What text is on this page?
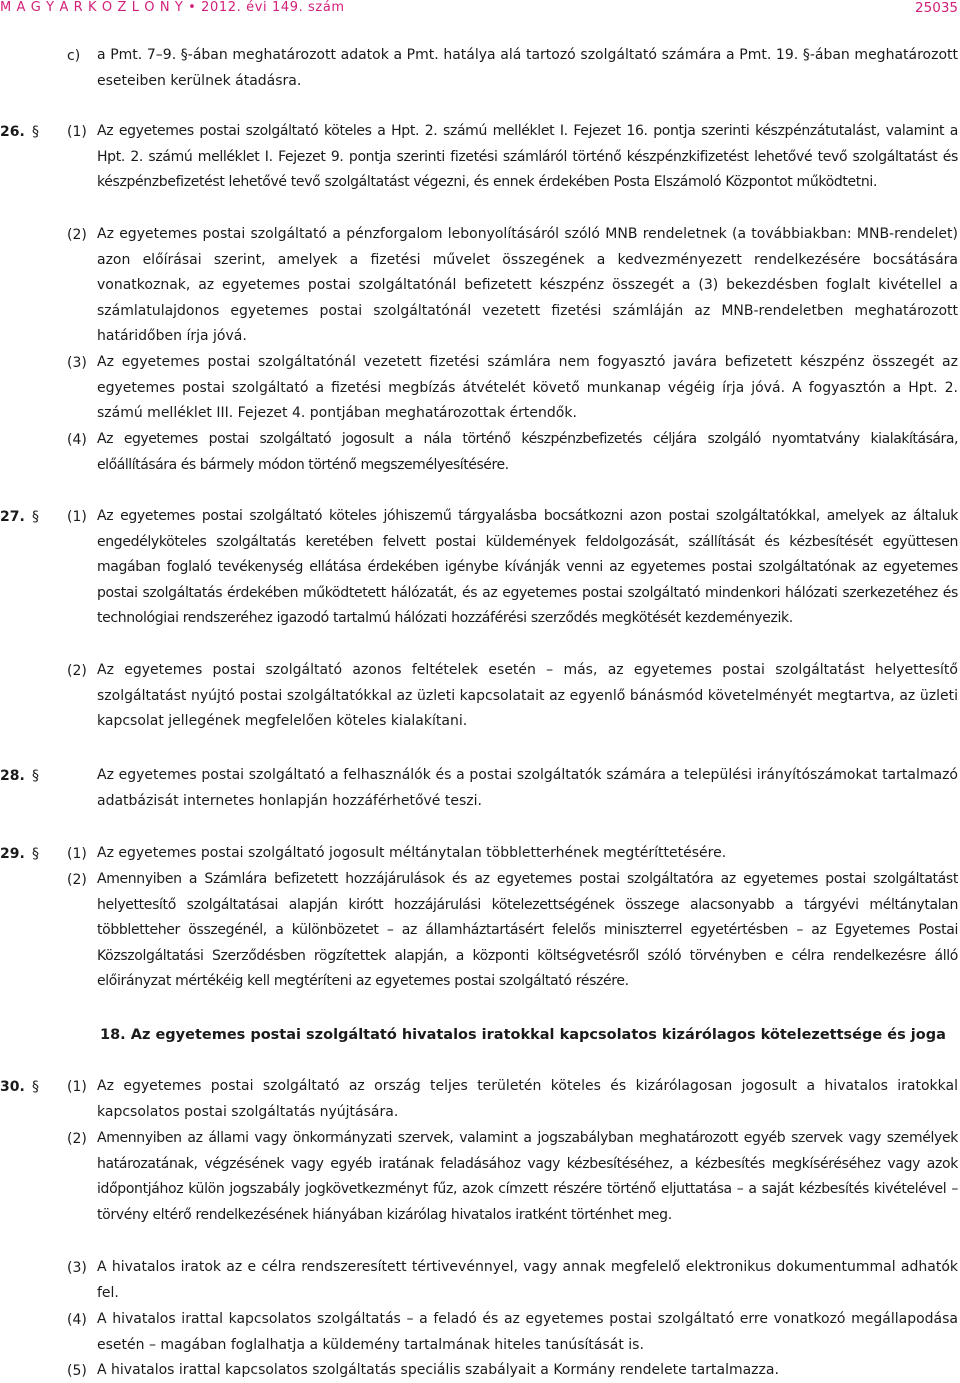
M A G Y A R K Ö Z L Ö N Y • 2012. évi 149. szám	25035
c) a Pmt. 7–9. §-ában meghatározott adatok a Pmt. hatálya alá tartozó szolgáltató számára a Pmt. 19. §-ában meghatározott eseteiben kerülnek átadásra.
26. § (1) Az egyetemes postai szolgáltató köteles a Hpt. 2. számú melléklet I. Fejezet 16. pontja szerinti készpénzátutalást, valamint a Hpt. 2. számú melléklet I. Fejezet 9. pontja szerinti fizetési számláról történő készpénzkifizetést lehetővé tevő szolgáltatást és készpénzbefizetést lehetővé tevő szolgáltatást végezni, és ennek érdekében Posta Elszámoló Központot működtetni.
(2) Az egyetemes postai szolgáltató a pénzforgalom lebonyolításáról szóló MNB rendeletnek (a továbbiakban: MNB-rendelet) azon előírásai szerint, amelyek a fizetési művelet összegének a kedvezményezett rendelkezésére bocsátására vonatkoznak, az egyetemes postai szolgáltatónál befizetett készpénz összegét a (3) bekezdésben foglalt kivétellel a számlatulajdonos egyetemes postai szolgáltatónál vezetett fizetési számláján az MNB-rendeletben meghatározott határidőben írja jóvá.
(3) Az egyetemes postai szolgáltatónál vezetett fizetési számlára nem fogyasztó javára befizetett készpénz összegét az egyetemes postai szolgáltató a fizetési megbízás átvételét követő munkanap végéig írja jóvá. A fogyasztón a Hpt. 2. számú melléklet III. Fejezet 4. pontjában meghatározottak értendők.
(4) Az egyetemes postai szolgáltató jogosult a nála történő készpénzbefizetés céljára szolgáló nyomtatvány kialakítására, előállítására és bármely módon történő megszemélyesítésére.
27. § (1) Az egyetemes postai szolgáltató köteles jóhiszemű tárgyalásba bocsátkozni azon postai szolgáltatókkal, amelyek az általuk engedélyköteles szolgáltatás keretében felvett postai küldemények feldolgozását, szállítását és kézbesítését együttesen magában foglaló tevékenység ellátása érdekében igénybe kívánják venni az egyetemes postai szolgáltatónak az egyetemes postai szolgáltatás érdekében működtetett hálózatát, és az egyetemes postai szolgáltató mindenkori hálózati szerkezetéhez és technológiai rendszeréhez igazodó tartalmú hálózati hozzáférési szerződés megkötését kezdeményezik.
(2) Az egyetemes postai szolgáltató azonos feltételek esetén – más, az egyetemes postai szolgáltatást helyettesítő szolgáltatást nyújtó postai szolgáltatókkal az üzleti kapcsolatait az egyenlő bánásmód követelményét megtartva, az üzleti kapcsolat jellegének megfelelően köteles kialakítani.
28. §	Az egyetemes postai szolgáltató a felhasználók és a postai szolgáltatók számára a települési irányítószámokat tartalmazó adatbázisát internetes honlapján hozzáférhetővé teszi.
29. § (1) Az egyetemes postai szolgáltató jogosult méltánytalan többletterhének megtéríttetésére.
(2) Amennyiben a Számlára befizetett hozzájárulások és az egyetemes postai szolgáltatóra az egyetemes postai szolgáltatást helyettesítő szolgáltatásai alapján kirótt hozzájárulási kötelezettségének összege alacsonyabb a tárgyévi méltánytalan többletteher összegénél, a különbözetet – az államháztartásért felelős miniszterrel egyetértésben – az Egyetemes Postai Közszolgáltatási Szerződésben rögzítettek alapján, a központi költségvetésről szóló törvényben e célra rendelkezésre álló előirányzat mértékéig kell megtéríteni az egyetemes postai szolgáltató részére.
18. Az egyetemes postai szolgáltató hivatalos iratokkal kapcsolatos kizárólagos kötelezettsége és joga
30. § (1) Az egyetemes postai szolgáltató az ország teljes területén köteles és kizárólagosan jogosult a hivatalos iratokkal kapcsolatos postai szolgáltatás nyújtására.
(2) Amennyiben az állami vagy önkormányzati szervek, valamint a jogszabályban meghatározott egyéb szervek vagy személyek határozatának, végzésének vagy egyéb iratának feladásához vagy kézbesítéséhez, a kézbesítés megkíséréséhez vagy azok időpontjához külön jogszabály jogkövetkezményt fűz, azok címzett részére történő eljuttatása – a saját kézbesítés kivételével – törvény eltérő rendelkezésének hiányában kizárólag hivatalos iratként történhet meg.
(3) A hivatalos iratok az e célra rendszeresített tértivevénnyel, vagy annak megfelelő elektronikus dokumentummal adhatók fel.
(4) A hivatalos irattal kapcsolatos szolgáltatás – a feladó és az egyetemes postai szolgáltató erre vonatkozó megállapodása esetén – magában foglalhatja a küldemény tartalmának hiteles tanúsítását is.
(5) A hivatalos irattal kapcsolatos szolgáltatás speciális szabályait a Kormány rendelete tartalmazza.
